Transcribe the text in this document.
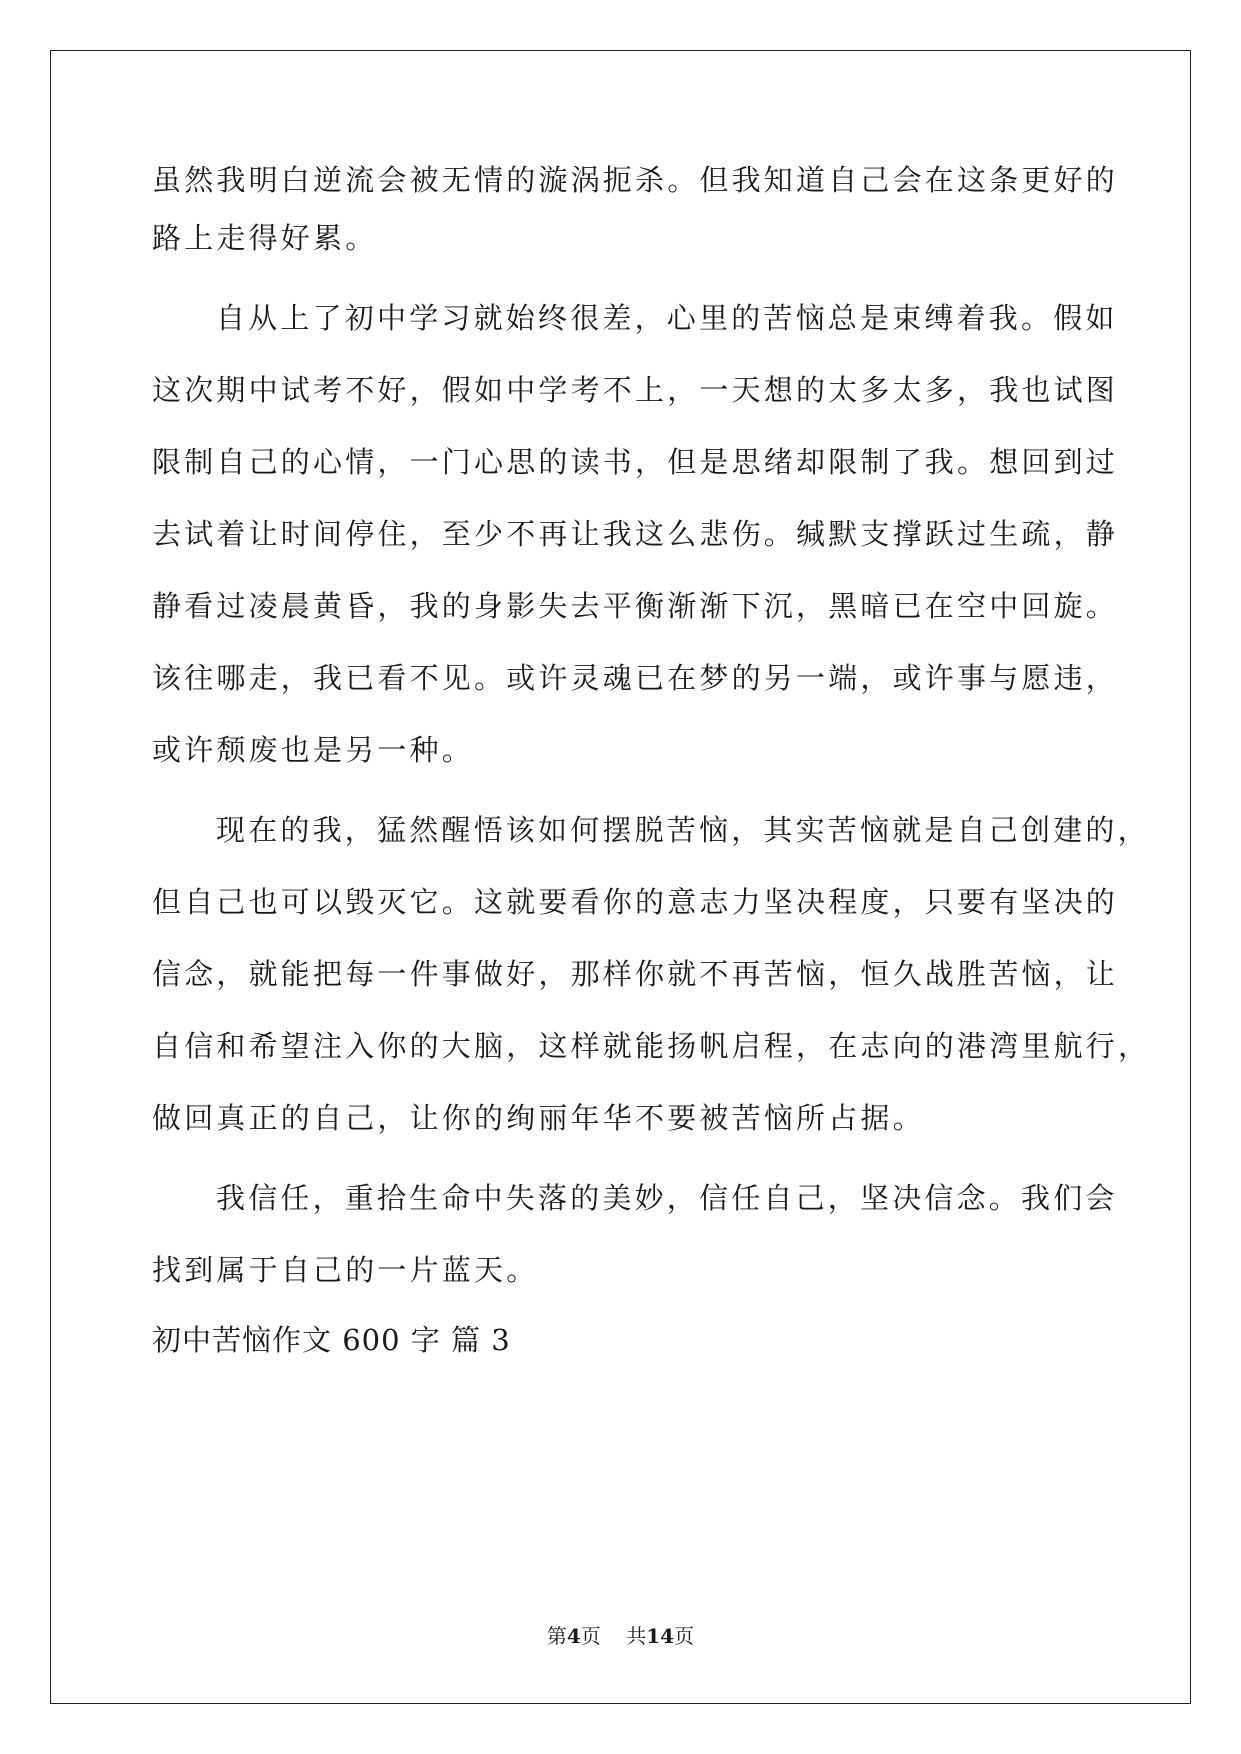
虽然我明白逆流会被无情的漩涡扼杀。但我知道自己会在这条更好的
路上走得好累。
自从上了初中学习就始终很差，心里的苦恼总是束缚着我。假如
这次期中试考不好，假如中学考不上，一天想的太多太多，我也试图
限制自己的心情，一门心思的读书，但是思绪却限制了我。想回到过
去试着让时间停住，至少不再让我这么悲伤。缄默支撑跃过生疏，静
静看过凌晨黄昏，我的身影失去平衡渐渐下沉，黑暗已在空中回旋。
该往哪走，我已看不见。或许灵魂已在梦的另一端，或许事与愿违，
或许颓废也是另一种。
现在的我，猛然醒悟该如何摆脱苦恼，其实苦恼就是自己创建的，
但自己也可以毁灭它。这就要看你的意志力坚决程度，只要有坚决的
信念，就能把每一件事做好，那样你就不再苦恼，恒久战胜苦恼，让
自信和希望注入你的大脑，这样就能扬帆启程，在志向的港湾里航行，
做回真正的自己，让你的绚丽年华不要被苦恼所占据。
我信任，重拾生命中失落的美妙，信任自己，坚决信念。我们会
找到属于自己的一片蓝天。
初中苦恼作文 600 字 篇 3
第4页    共14页
